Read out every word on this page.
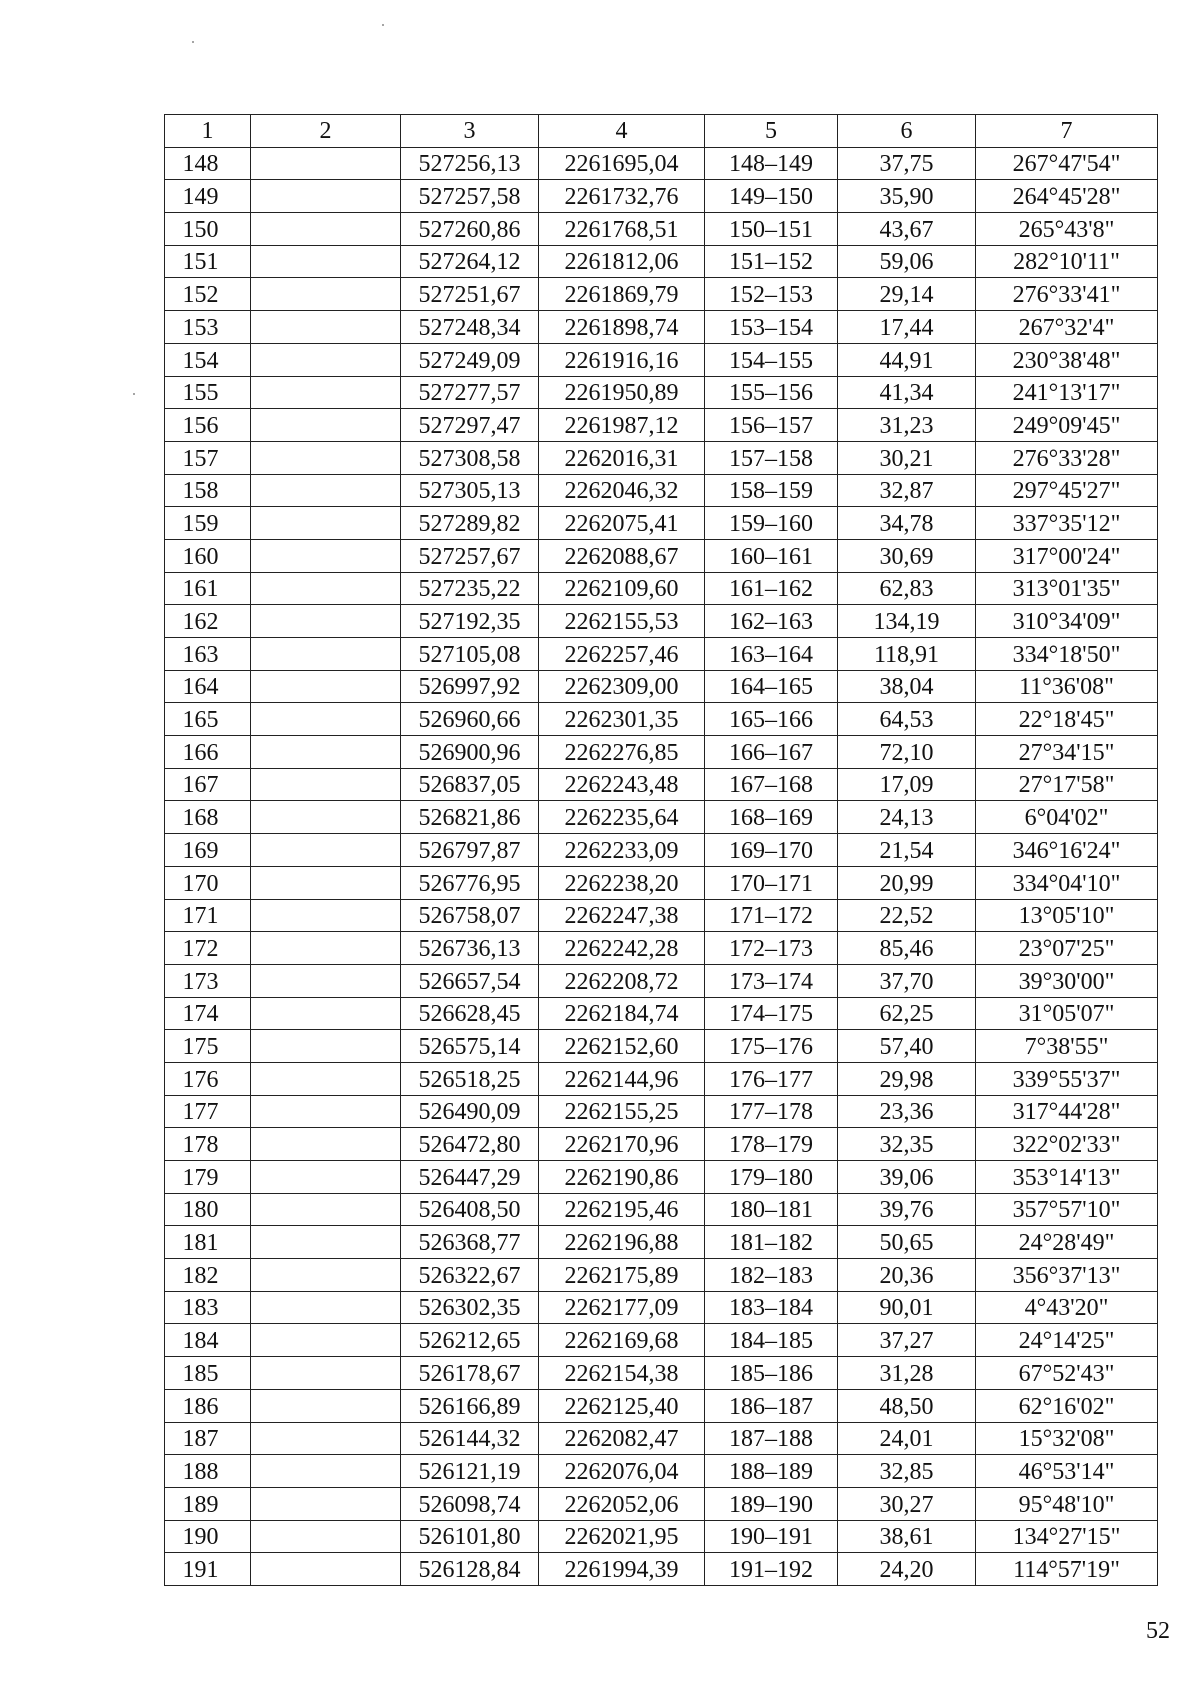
1	2	3	4	5	6	7
148		527256,13	2261695,04	148–149	37,75	267°47'54"
149		527257,58	2261732,76	149–150	35,90	264°45'28"
150		527260,86	2261768,51	150–151	43,67	265°43'8"
151		527264,12	2261812,06	151–152	59,06	282°10'11"
152		527251,67	2261869,79	152–153	29,14	276°33'41"
153		527248,34	2261898,74	153–154	17,44	267°32'4"
154		527249,09	2261916,16	154–155	44,91	230°38'48"
155		527277,57	2261950,89	155–156	41,34	241°13'17"
156		527297,47	2261987,12	156–157	31,23	249°09'45"
157		527308,58	2262016,31	157–158	30,21	276°33'28"
158		527305,13	2262046,32	158–159	32,87	297°45'27"
159		527289,82	2262075,41	159–160	34,78	337°35'12"
160		527257,67	2262088,67	160–161	30,69	317°00'24"
161		527235,22	2262109,60	161–162	62,83	313°01'35"
162		527192,35	2262155,53	162–163	134,19	310°34'09"
163		527105,08	2262257,46	163–164	118,91	334°18'50"
164		526997,92	2262309,00	164–165	38,04	11°36'08"
165		526960,66	2262301,35	165–166	64,53	22°18'45"
166		526900,96	2262276,85	166–167	72,10	27°34'15"
167		526837,05	2262243,48	167–168	17,09	27°17'58"
168		526821,86	2262235,64	168–169	24,13	6°04'02"
169		526797,87	2262233,09	169–170	21,54	346°16'24"
170		526776,95	2262238,20	170–171	20,99	334°04'10"
171		526758,07	2262247,38	171–172	22,52	13°05'10"
172		526736,13	2262242,28	172–173	85,46	23°07'25"
173		526657,54	2262208,72	173–174	37,70	39°30'00"
174		526628,45	2262184,74	174–175	62,25	31°05'07"
175		526575,14	2262152,60	175–176	57,40	7°38'55"
176		526518,25	2262144,96	176–177	29,98	339°55'37"
177		526490,09	2262155,25	177–178	23,36	317°44'28"
178		526472,80	2262170,96	178–179	32,35	322°02'33"
179		526447,29	2262190,86	179–180	39,06	353°14'13"
180		526408,50	2262195,46	180–181	39,76	357°57'10"
181		526368,77	2262196,88	181–182	50,65	24°28'49"
182		526322,67	2262175,89	182–183	20,36	356°37'13"
183		526302,35	2262177,09	183–184	90,01	4°43'20"
184		526212,65	2262169,68	184–185	37,27	24°14'25"
185		526178,67	2262154,38	185–186	31,28	67°52'43"
186		526166,89	2262125,40	186–187	48,50	62°16'02"
187		526144,32	2262082,47	187–188	24,01	15°32'08"
188		526121,19	2262076,04	188–189	32,85	46°53'14"
189		526098,74	2262052,06	189–190	30,27	95°48'10"
190		526101,80	2262021,95	190–191	38,61	134°27'15"
191		526128,84	2261994,39	191–192	24,20	114°57'19"
52
